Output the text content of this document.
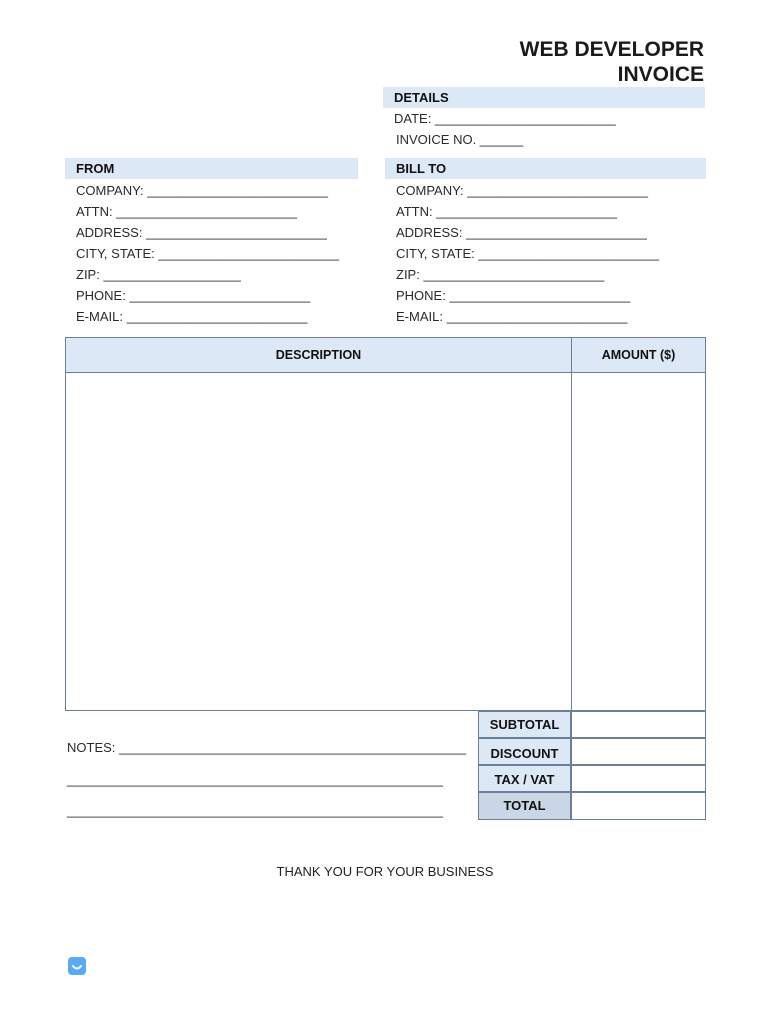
WEB DEVELOPER
INVOICE
DETAILS
DATE: _________________________
INVOICE NO. ______
FROM
COMPANY: _________________________
ATTN: _________________________
ADDRESS: _________________________
CITY, STATE: _________________________
ZIP: ___________________
PHONE: _________________________
E-MAIL: _________________________
BILL TO
COMPANY: _________________________
ATTN: _________________________
ADDRESS: _________________________
CITY, STATE: _________________________
ZIP: _________________________
PHONE: _________________________
E-MAIL: _________________________
DESCRIPTION	AMOUNT ($)

SUBTOTAL
DISCOUNT
TAX / VAT
TOTAL
NOTES: ________________________________________________
____________________________________________________
____________________________________________________
THANK YOU FOR YOUR BUSINESS
